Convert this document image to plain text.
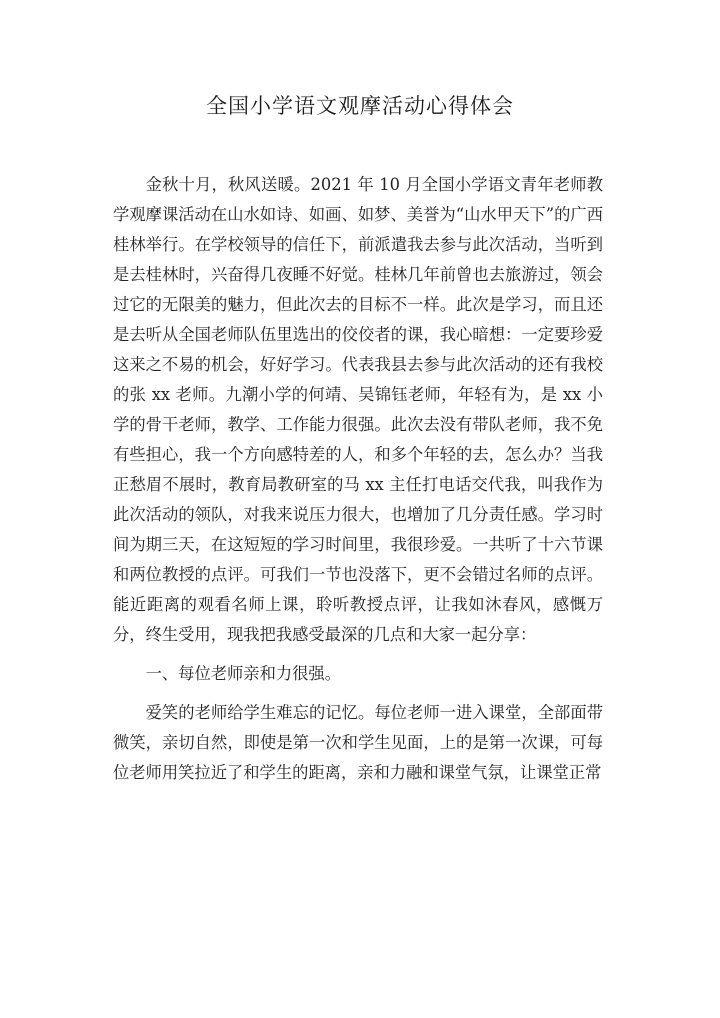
全国小学语文观摩活动心得体会

金秋十月，秋风送暖。2021 年 10 月全国小学语文青年老师教学观摩课活动在山水如诗、如画、如梦、美誉为“山水甲天下”的广西桂林举行。在学校领导的信任下，前派遣我去参与此次活动，当听到是去桂林时，兴奋得几夜睡不好觉。桂林几年前曾也去旅游过，领会过它的无限美的魅力，但此次去的目标不一样。此次是学习，而且还是去听从全国老师队伍里选出的佼佼者的课，我心暗想：一定要珍爱这来之不易的机会，好好学习。代表我县去参与此次活动的还有我校的张 xx 老师。九潮小学的何靖、吴锦钰老师，年轻有为，是 xx 小学的骨干老师，教学、工作能力很强。此次去没有带队老师，我不免有些担心，我一个方向感特差的人，和多个年轻的去，怎么办？当我正愁眉不展时，教育局教研室的马 xx 主任打电话交代我，叫我作为此次活动的领队，对我来说压力很大，也增加了几分责任感。学习时间为期三天，在这短短的学习时间里，我很珍爱。一共听了十六节课和两位教授的点评。可我们一节也没落下，更不会错过名师的点评。能近距离的观看名师上课，聆听教授点评，让我如沐春风，感慨万分，终生受用，现我把我感受最深的几点和大家一起分享：

一、每位老师亲和力很强。

爱笑的老师给学生难忘的记忆。每位老师一进入课堂，全部面带微笑，亲切自然，即使是第一次和学生见面，上的是第一次课，可每位老师用笑拉近了和学生的距离，亲和力融和课堂气氛，让课堂正常
